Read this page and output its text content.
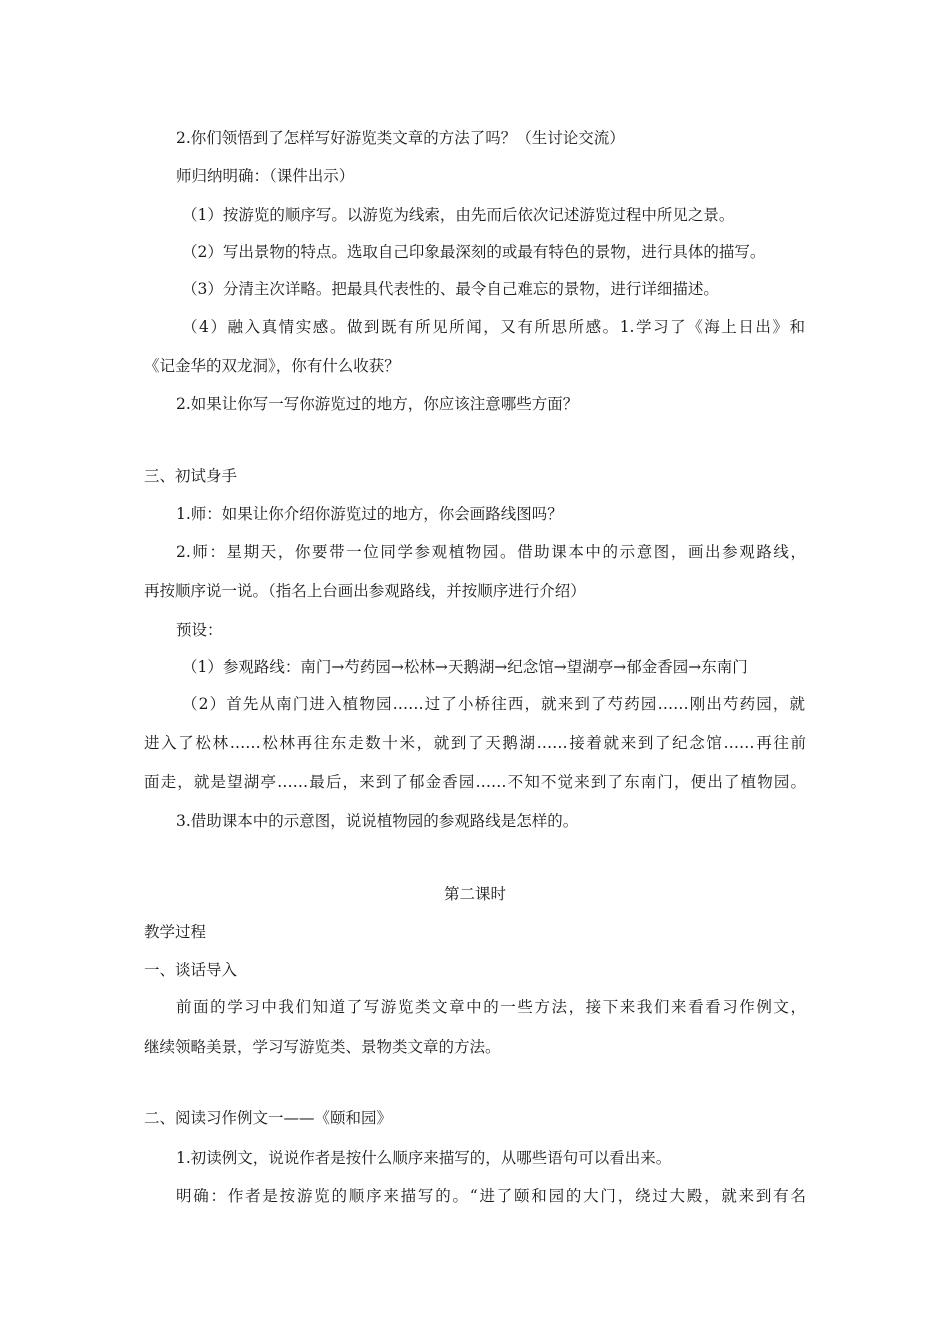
2.你们领悟到了怎样写好游览类文章的方法了吗？（生讨论交流）
师归纳明确：（课件出示）
（1）按游览的顺序写。以游览为线索，由先而后依次记述游览过程中所见之景。
（2）写出景物的特点。选取自己印象最深刻的或最有特色的景物，进行具体的描写。
（3）分清主次详略。把最具代表性的、最令自己难忘的景物，进行详细描述。
（4）融入真情实感。做到既有所见所闻，又有所思所感。1.学习了《海上日出》和
《记金华的双龙洞》，你有什么收获？
2.如果让你写一写你游览过的地方，你应该注意哪些方面？
三、初试身手
1.师：如果让你介绍你游览过的地方，你会画路线图吗？
2.师：星期天，你要带一位同学参观植物园。借助课本中的示意图，画出参观路线，
再按顺序说一说。（指名上台画出参观路线，并按顺序进行介绍）
预设：
（1）参观路线：南门→芍药园→松林→天鹅湖→纪念馆→望湖亭→郁金香园→东南门
（2）首先从南门进入植物园……过了小桥往西，就来到了芍药园……刚出芍药园，就
进入了松林……松林再往东走数十米，就到了天鹅湖……接着就来到了纪念馆……再往前
面走，就是望湖亭……最后，来到了郁金香园……不知不觉来到了东南门，便出了植物园。
3.借助课本中的示意图，说说植物园的参观路线是怎样的。
第二课时
教学过程
一、谈话导入
前面的学习中我们知道了写游览类文章中的一些方法，接下来我们来看看习作例文，
继续领略美景，学习写游览类、景物类文章的方法。
二、阅读习作例文一——《颐和园》
1.初读例文，说说作者是按什么顺序来描写的，从哪些语句可以看出来。
明确：作者是按游览的顺序来描写的。“进了颐和园的大门，绕过大殿，就来到有名
